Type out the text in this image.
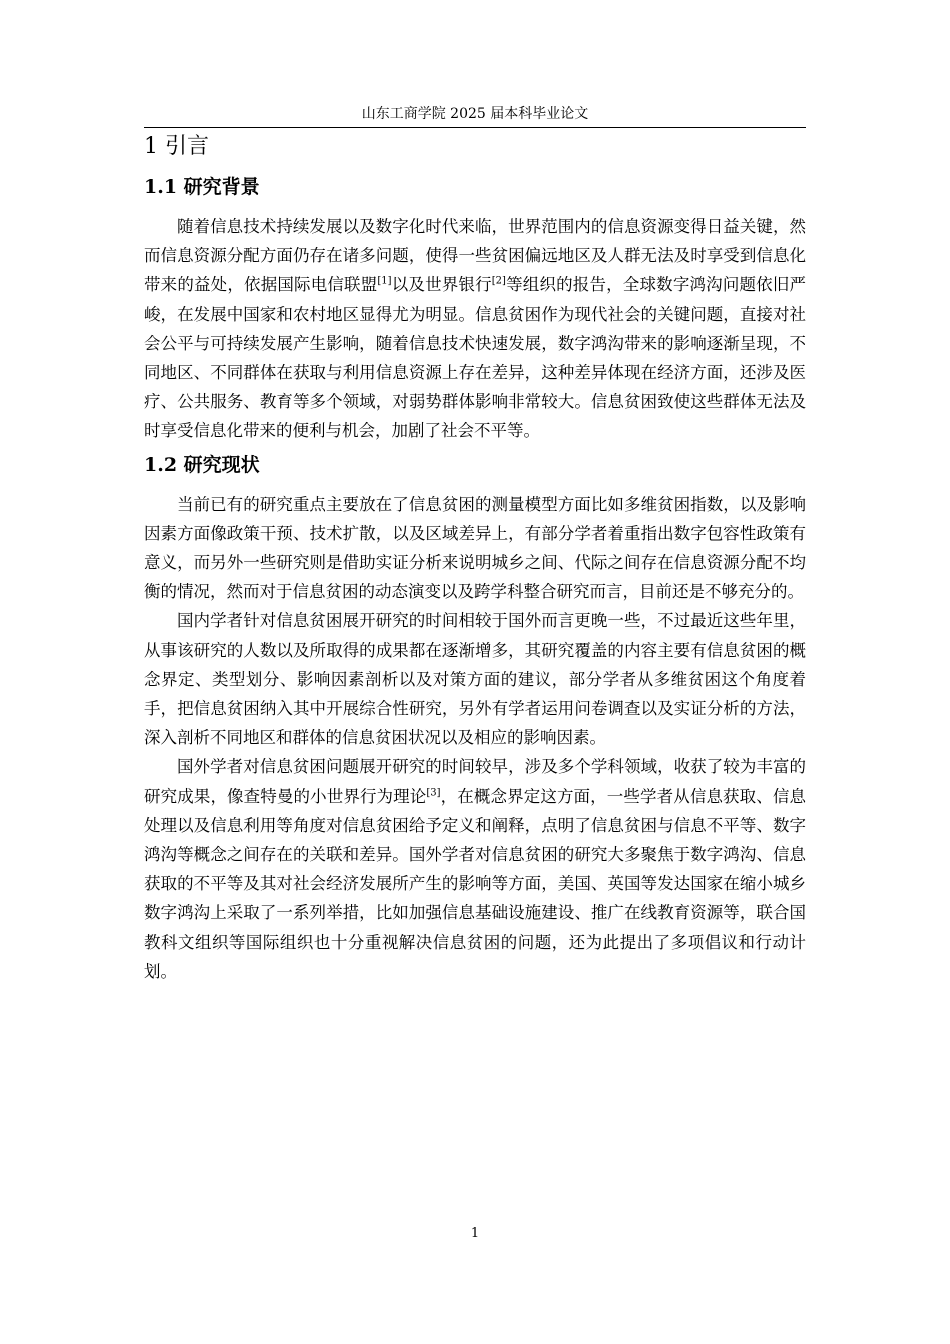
山东工商学院 2025 届本科毕业论文
1 引言
1.1 研究背景

随着信息技术持续发展以及数字化时代来临，世界范围内的信息资源变得日益关键，然而信息资源分配方面仍存在诸多问题，使得一些贫困偏远地区及人群无法及时享受到信息化带来的益处，依据国际电信联盟[1]以及世界银行[2]等组织的报告，全球数字鸿沟问题依旧严峻，在发展中国家和农村地区显得尤为明显。信息贫困作为现代社会的关键问题，直接对社会公平与可持续发展产生影响，随着信息技术快速发展，数字鸿沟带来的影响逐渐呈现，不同地区、不同群体在获取与利用信息资源上存在差异，这种差异体现在经济方面，还涉及医疗、公共服务、教育等多个领域，对弱势群体影响非常较大。信息贫困致使这些群体无法及时享受信息化带来的便利与机会，加剧了社会不平等。

1.2 研究现状

当前已有的研究重点主要放在了信息贫困的测量模型方面比如多维贫困指数，以及影响因素方面像政策干预、技术扩散，以及区域差异上，有部分学者着重指出数字包容性政策有意义，而另外一些研究则是借助实证分析来说明城乡之间、代际之间存在信息资源分配不均衡的情况，然而对于信息贫困的动态演变以及跨学科整合研究而言，目前还是不够充分的。

国内学者针对信息贫困展开研究的时间相较于国外而言更晚一些，不过最近这些年里，从事该研究的人数以及所取得的成果都在逐渐增多，其研究覆盖的内容主要有信息贫困的概念界定、类型划分、影响因素剖析以及对策方面的建议，部分学者从多维贫困这个角度着手，把信息贫困纳入其中开展综合性研究，另外有学者运用问卷调查以及实证分析的方法，深入剖析不同地区和群体的信息贫困状况以及相应的影响因素。

国外学者对信息贫困问题展开研究的时间较早，涉及多个学科领域，收获了较为丰富的研究成果，像查特曼的小世界行为理论[3]，在概念界定这方面，一些学者从信息获取、信息处理以及信息利用等角度对信息贫困给予定义和阐释，点明了信息贫困与信息不平等、数字鸿沟等概念之间存在的关联和差异。国外学者对信息贫困的研究大多聚焦于数字鸿沟、信息获取的不平等及其对社会经济发展所产生的影响等方面，美国、英国等发达国家在缩小城乡数字鸿沟上采取了一系列举措，比如加强信息基础设施建设、推广在线教育资源等，联合国教科文组织等国际组织也十分重视解决信息贫困的问题，还为此提出了多项倡议和行动计划。

1
